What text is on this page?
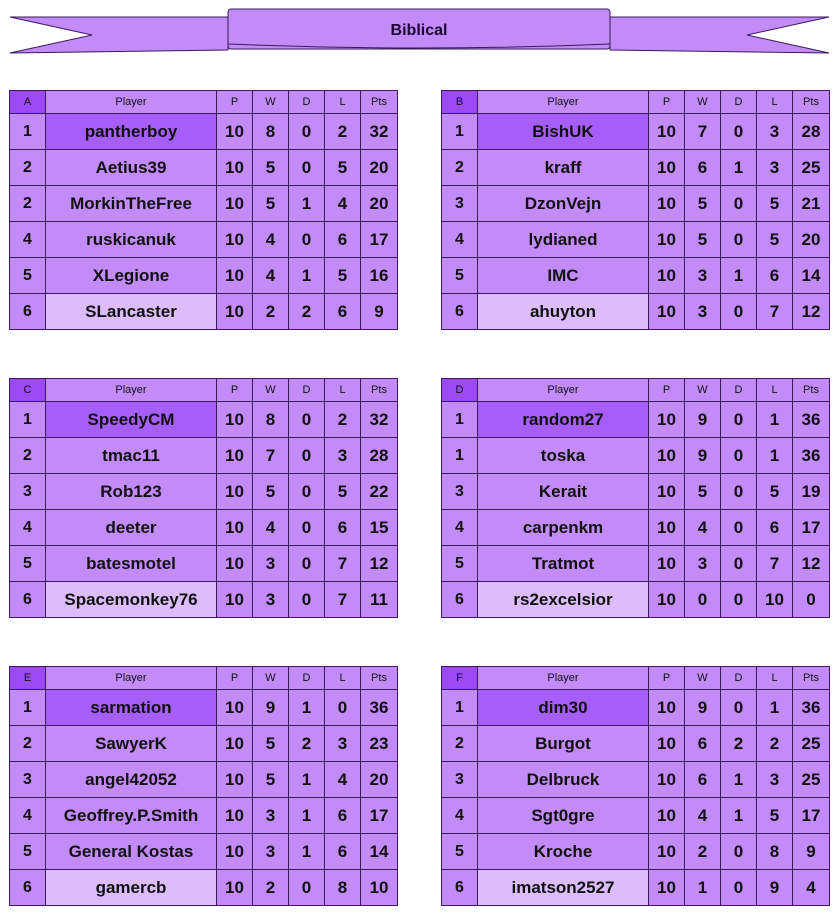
Biblical
A	Player	P	W	D	L	Pts
1	pantherboy	10	8	0	2	32
2	Aetius39	10	5	0	5	20
2	MorkinTheFree	10	5	1	4	20
4	ruskicanuk	10	4	0	6	17
5	XLegione	10	4	1	5	16
6	SLancaster	10	2	2	6	9
B	Player	P	W	D	L	Pts
1	BishUK	10	7	0	3	28
2	kraff	10	6	1	3	25
3	DzonVejn	10	5	0	5	21
4	lydianed	10	5	0	5	20
5	IMC	10	3	1	6	14
6	ahuyton	10	3	0	7	12
C	Player	P	W	D	L	Pts
1	SpeedyCM	10	8	0	2	32
2	tmac11	10	7	0	3	28
3	Rob123	10	5	0	5	22
4	deeter	10	4	0	6	15
5	batesmotel	10	3	0	7	12
6	Spacemonkey76	10	3	0	7	11
D	Player	P	W	D	L	Pts
1	random27	10	9	0	1	36
1	toska	10	9	0	1	36
3	Kerait	10	5	0	5	19
4	carpenkm	10	4	0	6	17
5	Tratmot	10	3	0	7	12
6	rs2excelsior	10	0	0	10	0
E	Player	P	W	D	L	Pts
1	sarmation	10	9	1	0	36
2	SawyerK	10	5	2	3	23
3	angel42052	10	5	1	4	20
4	Geoffrey.P.Smith	10	3	1	6	17
5	General Kostas	10	3	1	6	14
6	gamercb	10	2	0	8	10
F	Player	P	W	D	L	Pts
1	dim30	10	9	0	1	36
2	Burgot	10	6	2	2	25
3	Delbruck	10	6	1	3	25
4	Sgt0gre	10	4	1	5	17
5	Kroche	10	2	0	8	9
6	imatson2527	10	1	0	9	4
